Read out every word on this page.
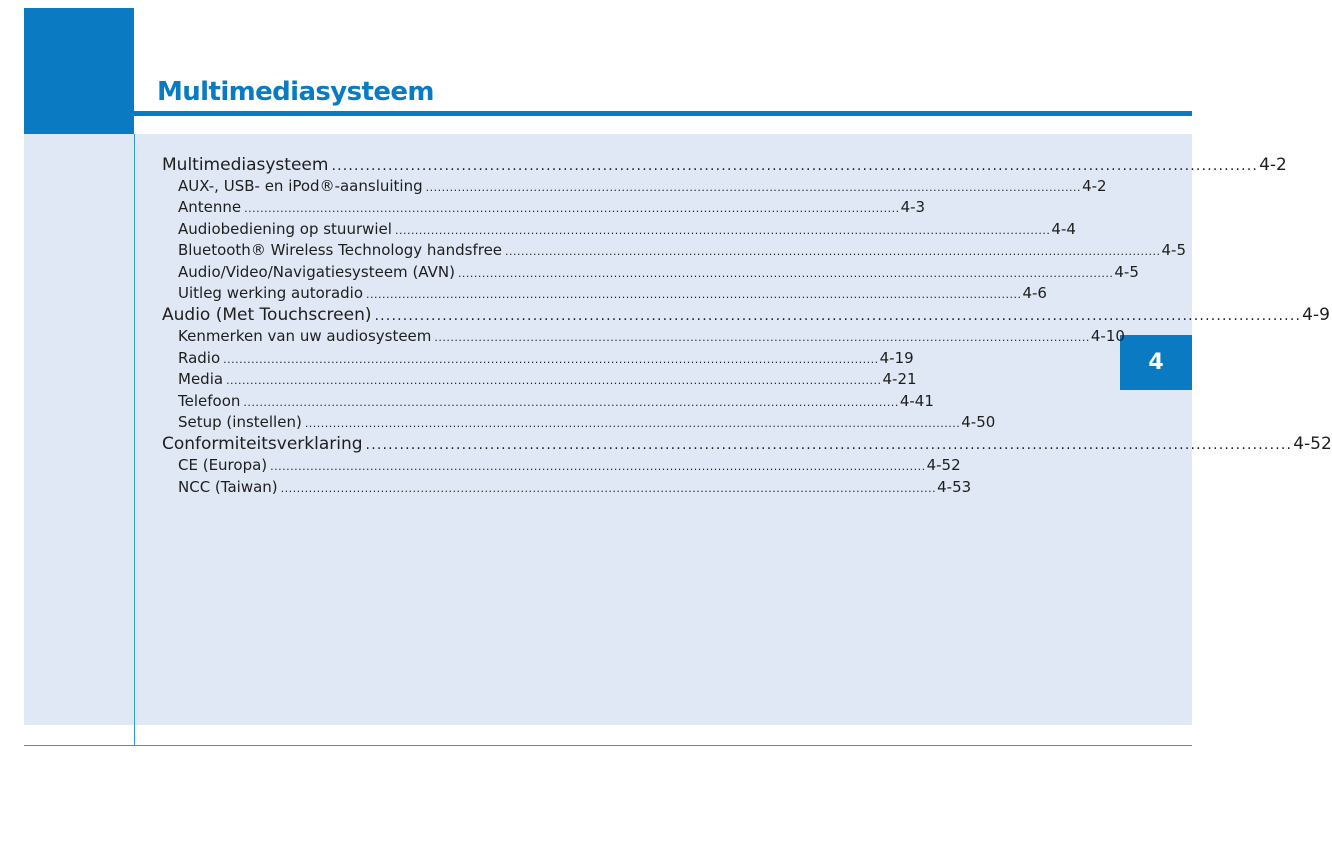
Multimediasysteem
4
Multimediasysteem .................................................................................................................................................................... 4-2
AUX-, USB- en iPod®-aansluiting .................................................................................................................................................................... 4-2
Antenne .................................................................................................................................................................... 4-3
Audiobediening op stuurwiel .................................................................................................................................................................... 4-4
Bluetooth® Wireless Technology handsfree .................................................................................................................................................................... 4-5
Audio/Video/Navigatiesysteem (AVN) .................................................................................................................................................................... 4-5
Uitleg werking autoradio .................................................................................................................................................................... 4-6
Audio (Met Touchscreen) .................................................................................................................................................................... 4-9
Kenmerken van uw audiosysteem .................................................................................................................................................................... 4-10
Radio .................................................................................................................................................................... 4-19
Media .................................................................................................................................................................... 4-21
Telefoon .................................................................................................................................................................... 4-41
Setup (instellen) .................................................................................................................................................................... 4-50
Conformiteitsverklaring .................................................................................................................................................................... 4-52
CE (Europa) .................................................................................................................................................................... 4-52
NCC (Taiwan) .................................................................................................................................................................... 4-53
